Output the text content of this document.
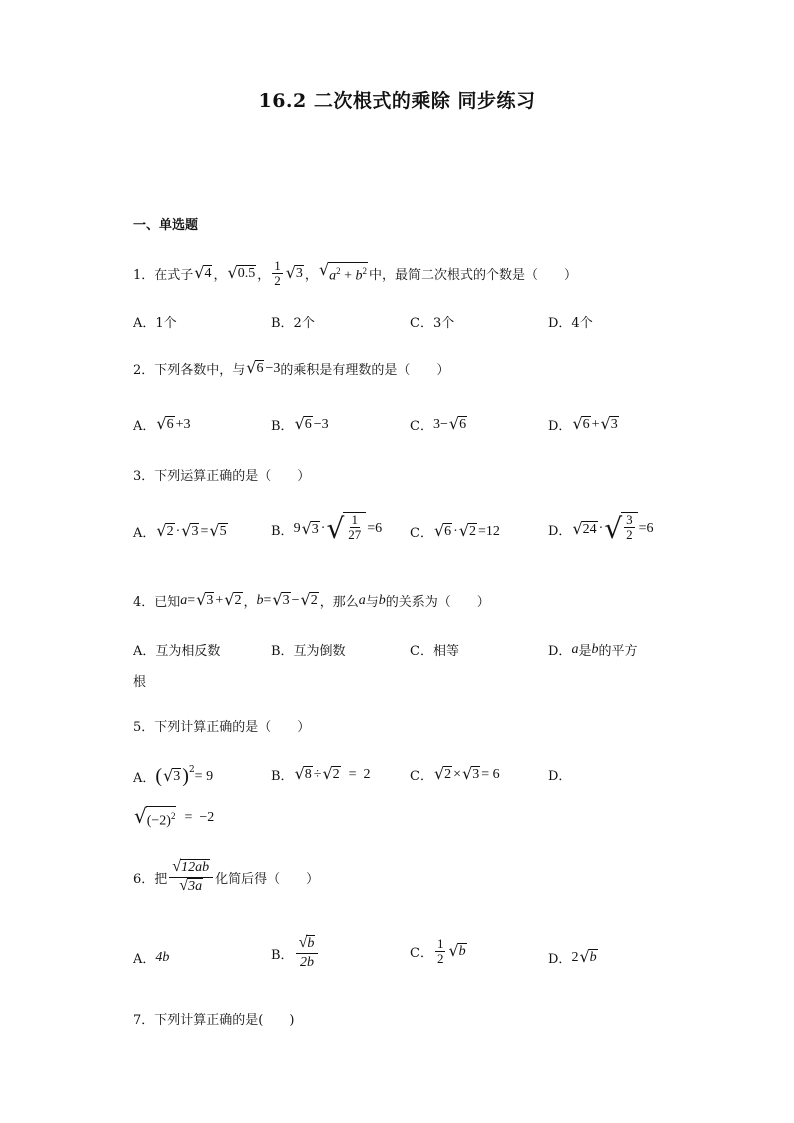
16.2 二次根式的乘除 同步练习
一、单选题
1．在式子 √ 4 ， √ 0.5 ， $\frac{1}{2}$ √ 3 ， √ $a^2 + b^2$ 中，最简二次根式的个数是（　　）
A．1个	B．2个	C．3个	D．4个
2．下列各数中，与 √ 6 −3 的乘积是有理数的是（　　）
A． √ 6 +3	B． √ 6 −3	C． 3− √ 6	D． √ 6 + √ 3
3．下列运算正确的是（　　）
A． √ 2 · √ 3 = √ 5	B． 9 √ 3 · √ $\frac{1}{27} =6$ C． √ 6 · √ 2 =12	D． √ 24 · √ $\frac{3}{2} =6$
4．已知 a = √ 3 + √ 2 ， b = √ 3 − √ 2 ，那么 a 与 b 的关系为（　　）
A．互为相反数	B．互为倒数	C．相等	D． a 是 b 的平方
根
5．下列计算正确的是（　　）
A． ( √ 3 )$^2$ = 9	B． √ 8 ÷ √ 2 =  2	C． √ 2 × √ 3 = 6	D．
√ $(-2)^2 = -2$
6．把 $\frac{√ 12ab}{√ 3a}$ 化简后得（　　）
A． 4b	B． $\frac{√ b}{2b}$	C． $\frac{1}{2}$ √ b
D． 2 √ b
7．下列计算正确的是(　　)
